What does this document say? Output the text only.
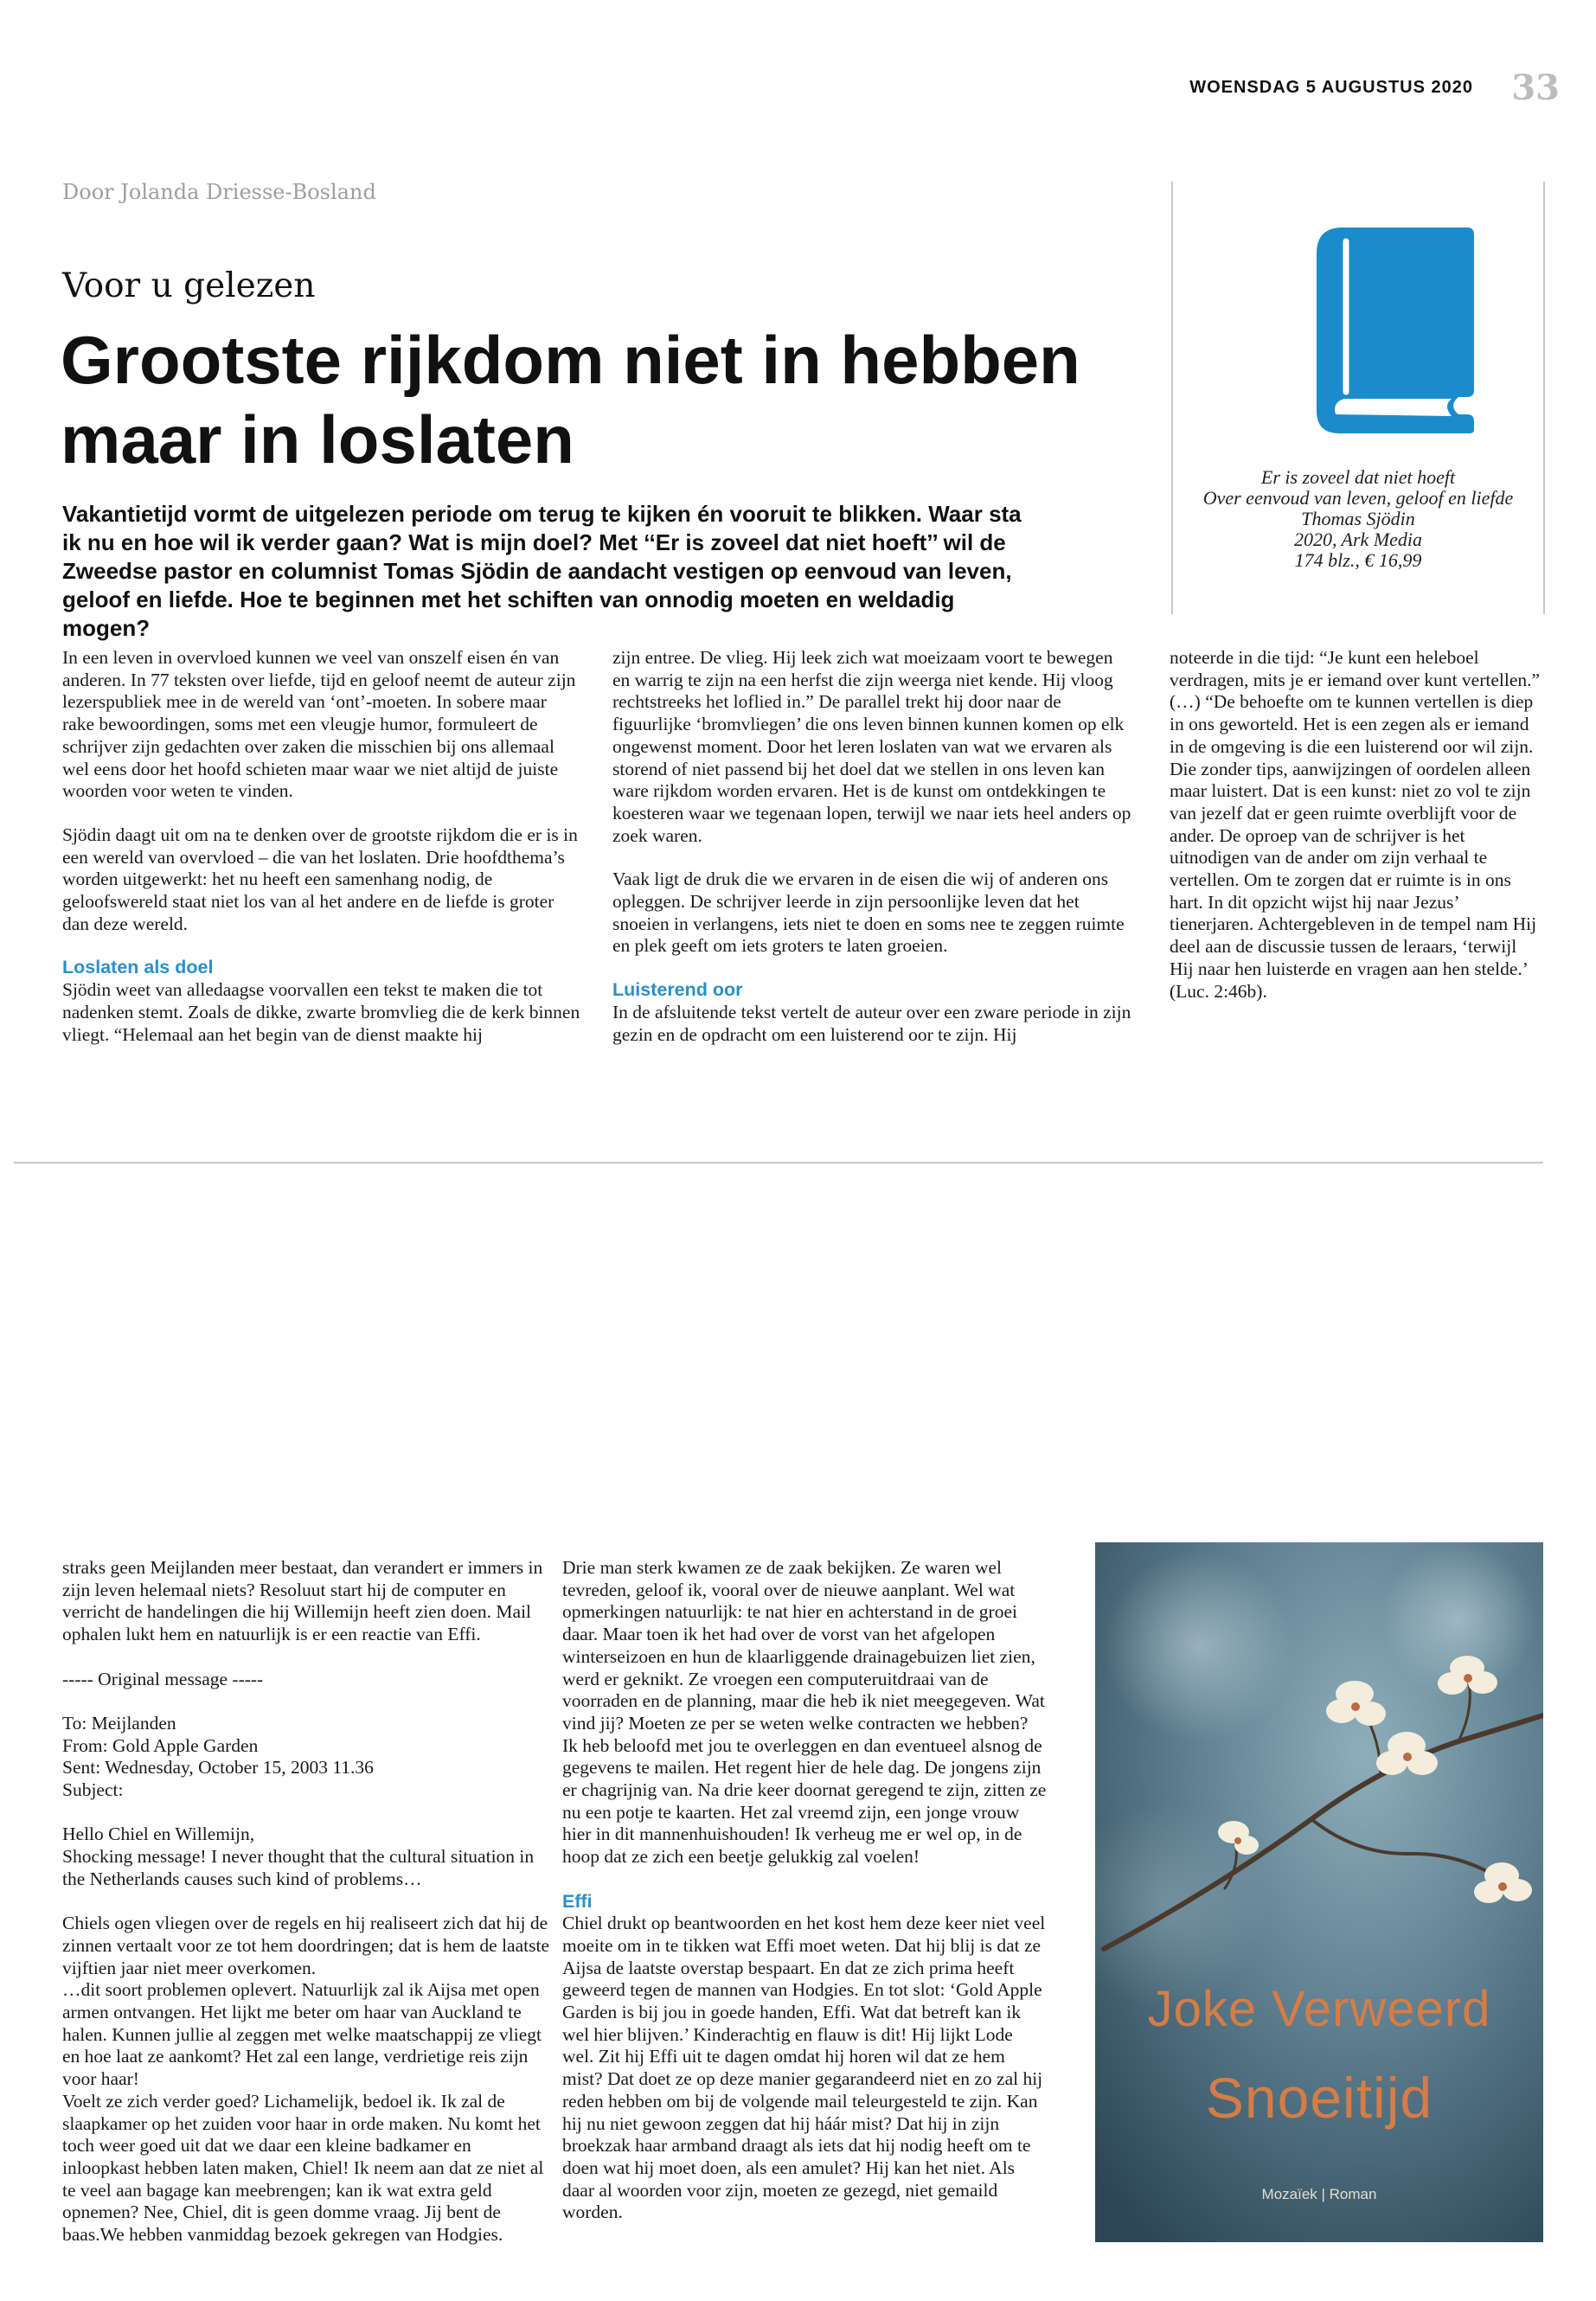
WOENSDAG 5 AUGUSTUS 2020 33
Door Jolanda Driesse-Bosland
Voor u gelezen
Grootste rijkdom niet in hebben maar in loslaten

Vakantietijd vormt de uitgelezen periode om terug te kijken én vooruit te blikken. Waar sta ik nu en hoe wil ik verder gaan? Wat is mijn doel? Met ‘‘Er is zoveel dat niet hoeft’’ wil de Zweedse pastor en columnist Tomas Sjödin de aandacht vestigen op eenvoud van leven, geloof en liefde. Hoe te beginnen met het schiften van onnodig moeten en weldadig mogen?

Er is zoveel dat niet hoeft
Over eenvoud van leven, geloof en liefde
Thomas Sjödin
2020, Ark Media
174 blz., € 16,99

In een leven in overvloed kunnen we veel van onszelf eisen én van anderen. In 77 teksten over liefde, tijd en geloof neemt de auteur zijn lezerspubliek mee in de wereld van ‘ont’-moeten. In sobere maar rake bewoordingen, soms met een vleugje humor, formuleert de schrijver zijn gedachten over zaken die misschien bij ons allemaal wel eens door het hoofd schieten maar waar we niet altijd de juiste woorden voor weten te vinden.

Sjödin daagt uit om na te denken over de grootste rijkdom die er is in een wereld van overvloed – die van het loslaten. Drie hoofdthema’s worden uitgewerkt: het nu heeft een samenhang nodig, de geloofswereld staat niet los van al het andere en de liefde is groter dan deze wereld.

Loslaten als doel

Sjödin weet van alledaagse voorvallen een tekst te maken die tot nadenken stemt. Zoals de dikke, zwarte bromvlieg die de kerk binnen vliegt. “Helemaal aan het begin van de dienst maakte hij

zijn entree. De vlieg. Hij leek zich wat moeizaam voort te bewegen en warrig te zijn na een herfst die zijn weerga niet kende. Hij vloog rechtstreeks het loflied in.” De parallel trekt hij door naar de figuurlijke ‘bromvliegen’ die ons leven binnen kunnen komen op elk ongewenst moment. Door het leren loslaten van wat we ervaren als storend of niet passend bij het doel dat we stellen in ons leven kan ware rijkdom worden ervaren. Het is de kunst om ontdekkingen te koesteren waar we tegenaan lopen, terwijl we naar iets heel anders op zoek waren.

Vaak ligt de druk die we ervaren in de eisen die wij of anderen ons opleggen. De schrijver leerde in zijn persoonlijke leven dat het snoeien in verlangens, iets niet te doen en soms nee te zeggen ruimte en plek geeft om iets groters te laten groeien.

Luisterend oor

In de afsluitende tekst vertelt de auteur over een zware periode in zijn gezin en de opdracht om een luisterend oor te zijn. Hij

noteerde in die tijd: “Je kunt een heleboel verdragen, mits je er iemand over kunt vertellen.” (…) “De behoefte om te kunnen vertellen is diep in ons geworteld. Het is een zegen als er iemand in de omgeving is die een luisterend oor wil zijn. Die zonder tips, aanwijzingen of oordelen alleen maar luistert. Dat is een kunst: niet zo vol te zijn van jezelf dat er geen ruimte overblijft voor de ander. De oproep van de schrijver is het uitnodigen van de ander om zijn verhaal te vertellen. Om te zorgen dat er ruimte is in ons hart. In dit opzicht wijst hij naar Jezus’ tienerjaren. Achtergebleven in de tempel nam Hij deel aan de discussie tussen de leraars, ‘terwijl Hij naar hen luisterde en vragen aan hen stelde.’ (Luc. 2:46b).

straks geen Meijlanden meer bestaat, dan verandert er immers in zijn leven helemaal niets? Resoluut start hij de computer en verricht de handelingen die hij Willemijn heeft zien doen. Mail ophalen lukt hem en natuurlijk is er een reactie van Effi.

----- Original message -----

To: Meijlanden
From: Gold Apple Garden
Sent: Wednesday, October 15, 2003 11.36
Subject:

Hello Chiel en Willemijn,
Shocking message! I never thought that the cultural situation in the Netherlands causes such kind of problems…

Chiels ogen vliegen over de regels en hij realiseert zich dat hij de zinnen vertaalt voor ze tot hem doordringen; dat is hem de laatste vijftien jaar niet meer overkomen.
…dit soort problemen oplevert. Natuurlijk zal ik Aijsa met open armen ontvangen. Het lijkt me beter om haar van Auckland te halen. Kunnen jullie al zeggen met welke maatschappij ze vliegt en hoe laat ze aankomt? Het zal een lange, verdrietige reis zijn voor haar!
Voelt ze zich verder goed? Lichamelijk, bedoel ik. Ik zal de slaapkamer op het zuiden voor haar in orde maken. Nu komt het toch weer goed uit dat we daar een kleine badkamer en inloopkast hebben laten maken, Chiel! Ik neem aan dat ze niet al te veel aan bagage kan meebrengen; kan ik wat extra geld opnemen? Nee, Chiel, dit is geen domme vraag. Jij bent de baas.We hebben vanmiddag bezoek gekregen van Hodgies.

Drie man sterk kwamen ze de zaak bekijken. Ze waren wel tevreden, geloof ik, vooral over de nieuwe aanplant. Wel wat opmerkingen natuurlijk: te nat hier en achterstand in de groei daar. Maar toen ik het had over de vorst van het afgelopen winterseizoen en hun de klaarliggende drainagebuizen liet zien, werd er geknikt. Ze vroegen een computeruitdraai van de voorraden en de planning, maar die heb ik niet meegegeven. Wat vind jij? Moeten ze per se weten welke contracten we hebben? Ik heb beloofd met jou te overleggen en dan eventueel alsnog de gegevens te mailen. Het regent hier de hele dag. De jongens zijn er chagrijnig van. Na drie keer doornat geregend te zijn, zitten ze nu een potje te kaarten. Het zal vreemd zijn, een jonge vrouw hier in dit mannenhuishouden! Ik verheug me er wel op, in de hoop dat ze zich een beetje gelukkig zal voelen!

Effi

Chiel drukt op beantwoorden en het kost hem deze keer niet veel moeite om in te tikken wat Effi moet weten. Dat hij blij is dat ze Aijsa de laatste overstap bespaart. En dat ze zich prima heeft geweerd tegen de mannen van Hodgies. En tot slot: ‘Gold Apple Garden is bij jou in goede handen, Effi. Wat dat betreft kan ik wel hier blijven.’ Kinderachtig en flauw is dit! Hij lijkt Lode wel. Zit hij Effi uit te dagen omdat hij horen wil dat ze hem mist? Dat doet ze op deze manier gegarandeerd niet en zo zal hij reden hebben om bij de volgende mail teleurgesteld te zijn. Kan hij nu niet gewoon zeggen dat hij háár mist? Dat hij in zijn broekzak haar armband draagt als iets dat hij nodig heeft om te doen wat hij moet doen, als een amulet? Hij kan het niet. Als daar al woorden voor zijn, moeten ze gezegd, niet gemaild worden.

Joke Verweerd
Snoeitijd
Mozaïek | Roman
